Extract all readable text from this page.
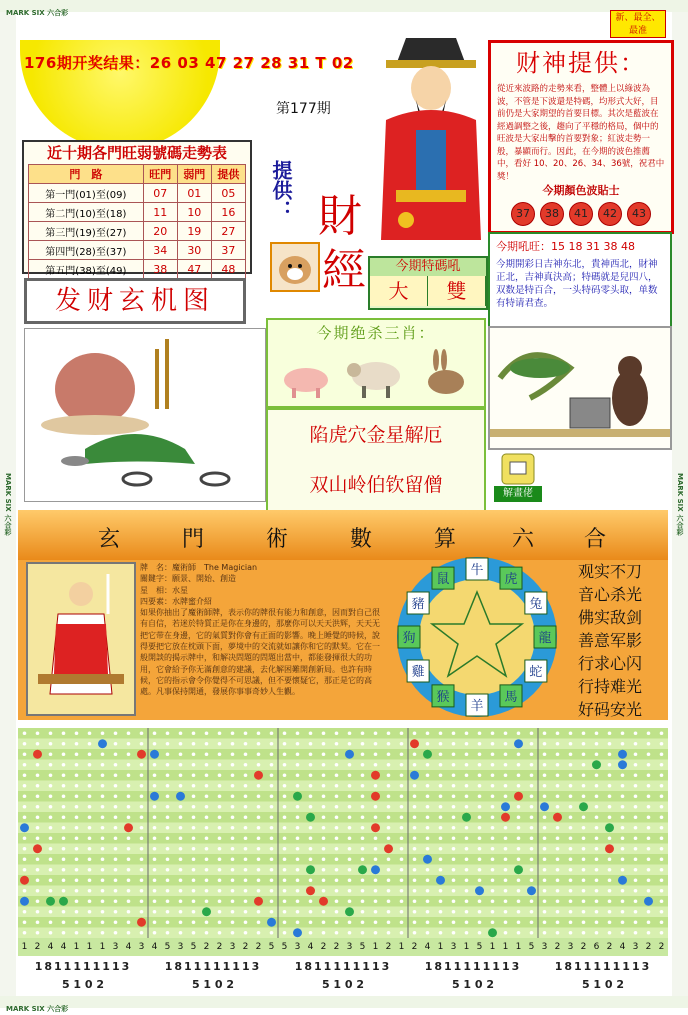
MARK SIX 六合彩	MARK SIX 六合彩
MARK SIX 六合彩
MARK SIX 六合彩
新、最全、最准
176期开奖结果：26 03 47 27 28 31 T 02
第177期
近十期各門旺弱號碼走勢表
門　路	旺門	弱門	提供
第一門(01)至(09)	07	01	05
第二門(10)至(18)	11	10	16
第三門(19)至(27)	20	19	27
第四門(28)至(37)	34	30	37
第五門(38)至(49)	38	47	48
发财玄机图
提供： 財
經	今期特碼吼
大	雙
今期绝杀三肖：
陷虎穴金星解厄
双山岭伯钦留僧
财神提供：
從近來波路的走勢來看，整體上以綠波為波，不管是下波還是特碼，均形式大好，目前仍是大家期望的首要目標。其次是藍波在經過調整之後，趨向了平穩的格局，個中的旺波是大家出擊的首要對象；紅波走勢一般，暴顯而行。因此，在今期的波色推薦中，看好 10、20、26、34、36號，祝君中獎！
今期顏色波貼士
37	38	41	42	43
今期吼旺：15 18 31 38 48
今期開彩日吉神东北，貴神西北，財神正北，吉神真決高；特碼就是兒四八，双数是特百合，一头特码零头取，单数有特请君查。
解畫佬
玄	門	術	數	算	六 合
牌　名：魔術師　The Magician
關鍵字：願景、開始、創造
星　相：水星
四要素：水牌蜜介紹
如果你抽出了魔術師牌，表示你的牌很有能力和創意，因而對自己很有自信，若迷於特質正是你在身邊的，那麼你可以天天洪辉，天天无把它带在身邊，它的氣質對你會有正面的影響。晚上睡覺的時候，說得要把它放在枕頭下面，夢境中的交流就如讓你和它的默契。它在一般開談的揭示牌中，和解决問題的問題出當中，都能發揮很大的功用，它會給予你无滿創意的建議，去化解困難開創新局。也許有時候，它的指示會令你覺得不可思議，但不要懷疑它，那正是它的高處。凡事保持開通，發展你事事奇妙人生觀。
牛
虎
兔
龍
蛇
馬
羊
猴
雞
狗
豬
鼠	观实不刀
音心杀光
佛实敌剑
善意军影
行求心闪
行持难光
好码安光
1 2 4 4 1 1 1 3 4 3 4 5 3 5 2 2 3 2 2 5 5 3 4 2 2 3 5 1 2 1 2 4 1 3 1 5 1 1 1 5 3 2 3 2 6 2 4 3 2 2
1811111113	1811111113	1811111113	1811111113	1811111113
5 1 0 2	5 1 0 2	5 1 0 2	5 1 0 2	5 1 0 2
